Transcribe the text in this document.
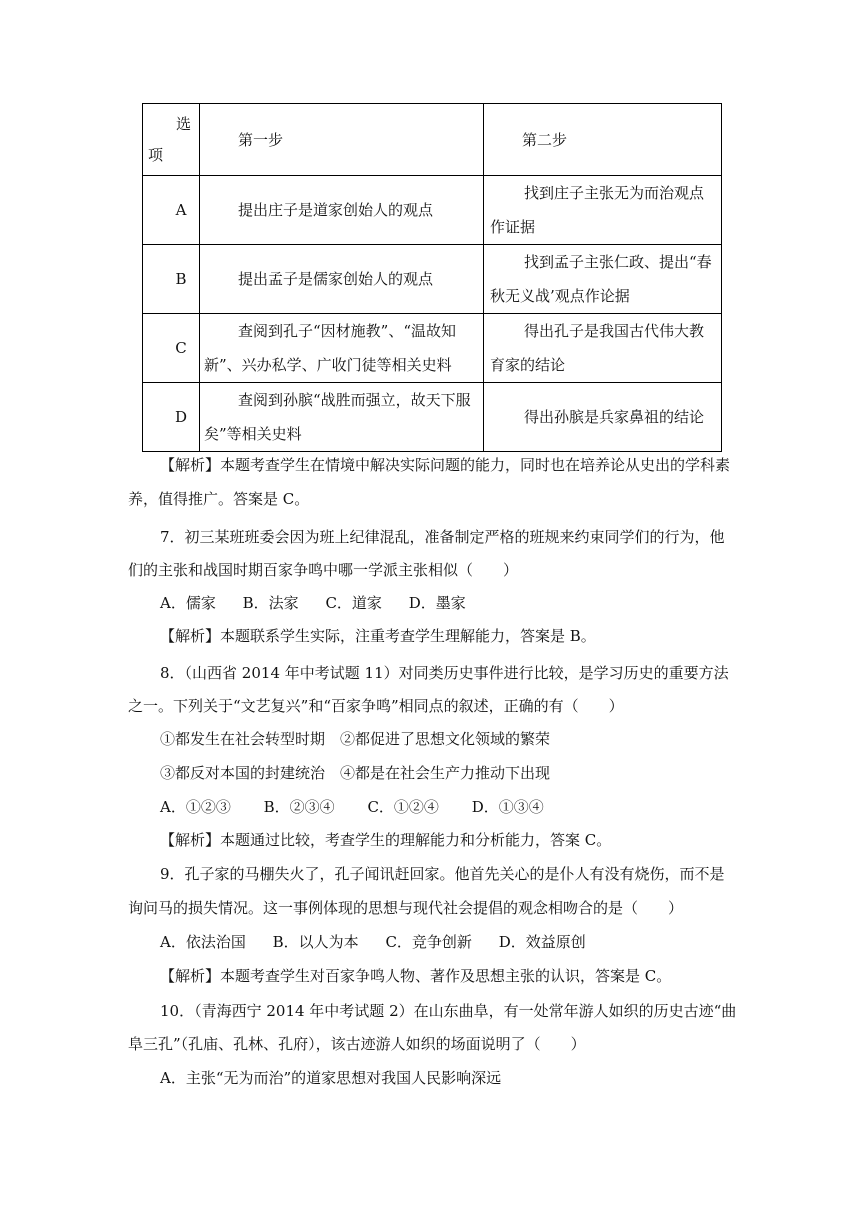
选
项	第一步	第二步
A	提出庄子是道家创始人的观点	找到庄子主张无为而治观点作证据
B	提出孟子是儒家创始人的观点	找到孟子主张仁政、提出“春秋无义战’观点作论据
C	查阅到孔子“因材施教”、“温故知新”、兴办私学、广收门徒等相关史料	得出孔子是我国古代伟大教育家的结论
D	查阅到孙膑“战胜而强立，故天下服矣”等相关史料	得出孙膑是兵家鼻祖的结论

【解析】本题考查学生在情境中解决实际问题的能力，同时也在培养论从史出的学科素

养，值得推广。答案是 C。

7．初三某班班委会因为班上纪律混乱，准备制定严格的班规来约束同学们的行为，他

们的主张和战国时期百家争鸣中哪一学派主张相似（　　）

A．儒家 B．法家 C．道家 D．墨家

【解析】本题联系学生实际，注重考查学生理解能力，答案是 B。

8．（山西省 2014 年中考试题 11）对同类历史事件进行比较，是学习历史的重要方法

之一。下列关于“文艺复兴”和“百家争鸣”相同点的叙述，正确的有（　　）

①都发生在社会转型时期　②都促进了思想文化领域的繁荣

③都反对本国的封建统治　④都是在社会生产力推动下出现

A．①②③ B．②③④ C．①②④ D．①③④

【解析】本题通过比较，考查学生的理解能力和分析能力，答案 C。

9．孔子家的马棚失火了，孔子闻讯赶回家。他首先关心的是仆人有没有烧伤，而不是

询问马的损失情况。这一事例体现的思想与现代社会提倡的观念相吻合的是（　　）

A．依法治国 B．以人为本 C．竞争创新 D．效益原创

【解析】本题考查学生对百家争鸣人物、著作及思想主张的认识，答案是 C。

10．（青海西宁 2014 年中考试题 2）在山东曲阜，有一处常年游人如织的历史古迹“曲

阜三孔”（孔庙、孔林、孔府），该古迹游人如织的场面说明了（　　）

A．主张“无为而治”的道家思想对我国人民影响深远
